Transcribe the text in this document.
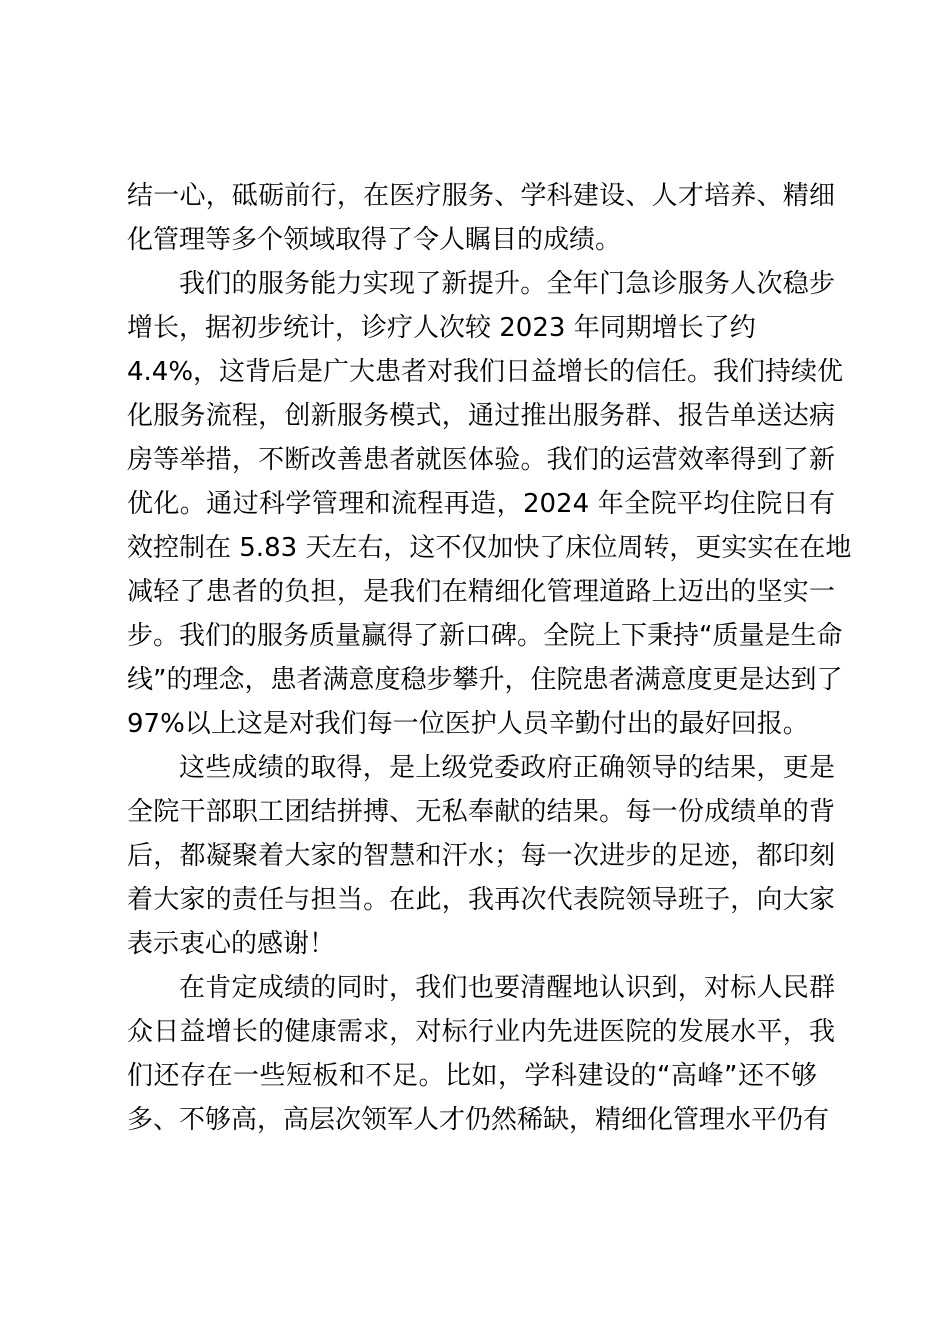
结一心，砥砺前行，在医疗服务、学科建设、人才培养、精细
化管理等多个领域取得了令人瞩目的成绩。
我们的服务能力实现了新提升。全年门急诊服务人次稳步
增长，据初步统计，诊疗人次较 2023 年同期增长了约
4.4%，这背后是广大患者对我们日益增长的信任。我们持续优
化服务流程，创新服务模式，通过推出服务群、报告单送达病
房等举措，不断改善患者就医体验。我们的运营效率得到了新
优化。通过科学管理和流程再造，2024 年全院平均住院日有
效控制在 5.83 天左右，这不仅加快了床位周转，更实实在在地
减轻了患者的负担，是我们在精细化管理道路上迈出的坚实一
步。我们的服务质量赢得了新口碑。全院上下秉持“质量是生命
线”的理念，患者满意度稳步攀升，住院患者满意度更是达到了
97%以上这是对我们每一位医护人员辛勤付出的最好回报。
这些成绩的取得，是上级党委政府正确领导的结果，更是
全院干部职工团结拼搏、无私奉献的结果。每一份成绩单的背
后，都凝聚着大家的智慧和汗水；每一次进步的足迹，都印刻
着大家的责任与担当。在此，我再次代表院领导班子，向大家
表示衷心的感谢！
在肯定成绩的同时，我们也要清醒地认识到，对标人民群
众日益增长的健康需求，对标行业内先进医院的发展水平，我
们还存在一些短板和不足。比如，学科建设的“高峰”还不够
多、不够高，高层次领军人才仍然稀缺，精细化管理水平仍有
